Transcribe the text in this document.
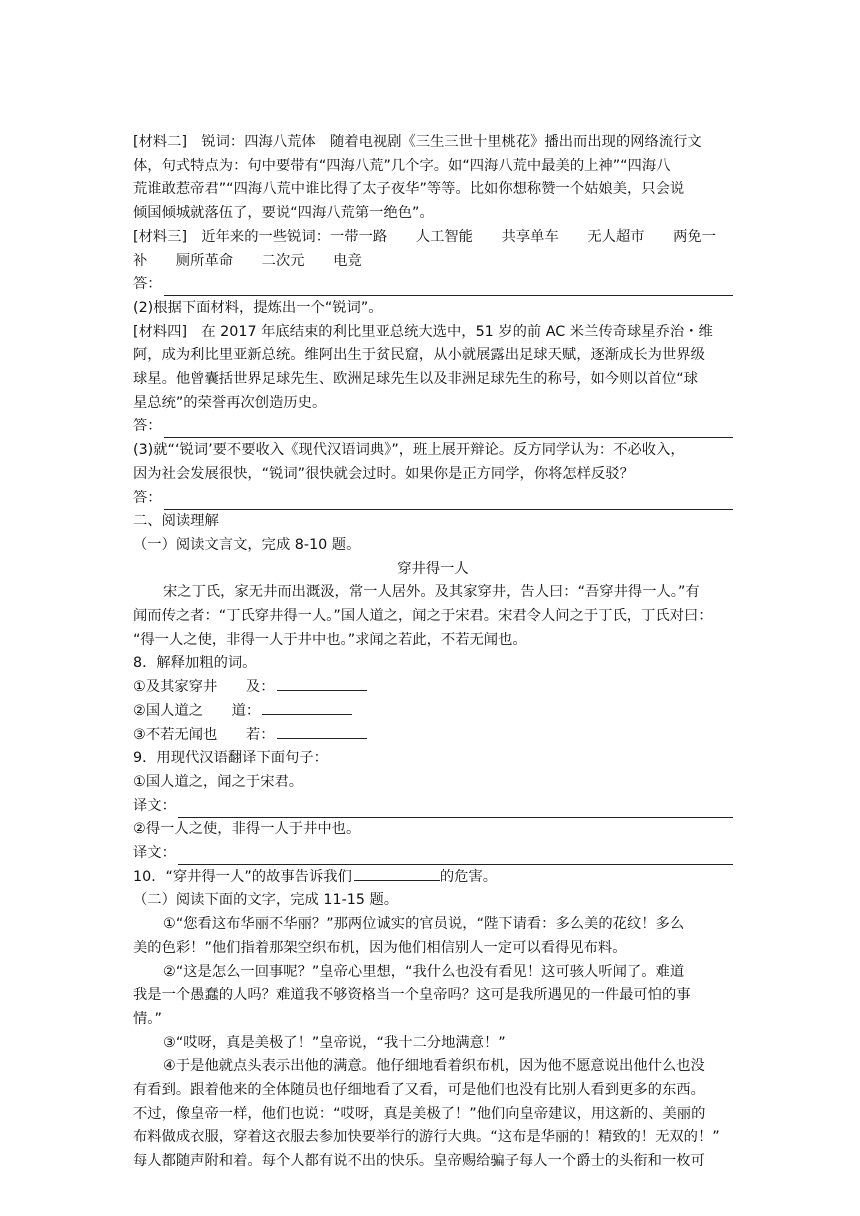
[材料二]　锐词：四海八荒体　随着电视剧《三生三世十里桃花》播出而出现的网络流行文
体，句式特点为：句中要带有“四海八荒”几个字。如“四海八荒中最美的上神”“四海八
荒谁敢惹帝君”“四海八荒中谁比得了太子夜华”等等。比如你想称赞一个姑娘美，只会说
倾国倾城就落伍了，要说“四海八荒第一绝色”。
[材料三]　近年来的一些锐词：一带一路　　人工智能　　共享单车　　无人超市　　两免一
补　　厕所革命　　二次元　　电竞
答：
(2)根据下面材料，提炼出一个“锐词”。
[材料四]　在 2017 年底结束的利比里亚总统大选中，51 岁的前 AC 米兰传奇球星乔治・维
阿，成为利比里亚新总统。维阿出生于贫民窟，从小就展露出足球天赋，逐渐成长为世界级
球星。他曾囊括世界足球先生、欧洲足球先生以及非洲足球先生的称号，如今则以首位“球
星总统”的荣誉再次创造历史。
答：
(3)就“‘锐词’要不要收入《现代汉语词典》”，班上展开辩论。反方同学认为：不必收入，
因为社会发展很快，“锐词”很快就会过时。如果你是正方同学，你将怎样反驳？
答：
二、阅读理解
（一）阅读文言文，完成 8-10 题。
穿井得一人
宋之丁氏，家无井而出溉汲，常一人居外。及其家穿井，告人曰：“吾穿井得一人。”有
闻而传之者：“丁氏穿井得一人。”国人道之，闻之于宋君。宋君令人问之于丁氏，丁氏对曰：
“得一人之使，非得一人于井中也。”求闻之若此，不若无闻也。
8．解释加粗的词。
①及其家穿井　　及：
②国人道之　　道：
③不若无闻也　　若：
9．用现代汉语翻译下面句子：
①国人道之，闻之于宋君。
译文：
②得一人之使，非得一人于井中也。
译文：
10．“穿井得一人”的故事告诉我们	的危害。
（二）阅读下面的文字，完成 11-15 题。
①“您看这布华丽不华丽？”那两位诚实的官员说，“陛下请看：多么美的花纹！多么
美的色彩！”他们指着那架空织布机，因为他们相信别人一定可以看得见布料。
②“这是怎么一回事呢？”皇帝心里想，“我什么也没有看见！这可骇人听闻了。难道
我是一个愚蠢的人吗？难道我不够资格当一个皇帝吗？这可是我所遇见的一件最可怕的事
情。”
③“哎呀，真是美极了！”皇帝说，“我十二分地满意！”
④于是他就点头表示出他的满意。他仔细地看着织布机，因为他不愿意说出他什么也没
有看到。跟着他来的全体随员也仔细地看了又看，可是他们也没有比别人看到更多的东西。
不过，像皇帝一样，他们也说：“哎呀，真是美极了！”他们向皇帝建议，用这新的、美丽的
布料做成衣服，穿着这衣服去参加快要举行的游行大典。“这布是华丽的！精致的！无双的！”
每人都随声附和着。每个人都有说不出的快乐。皇帝赐给骗子每人一个爵士的头衔和一枚可
